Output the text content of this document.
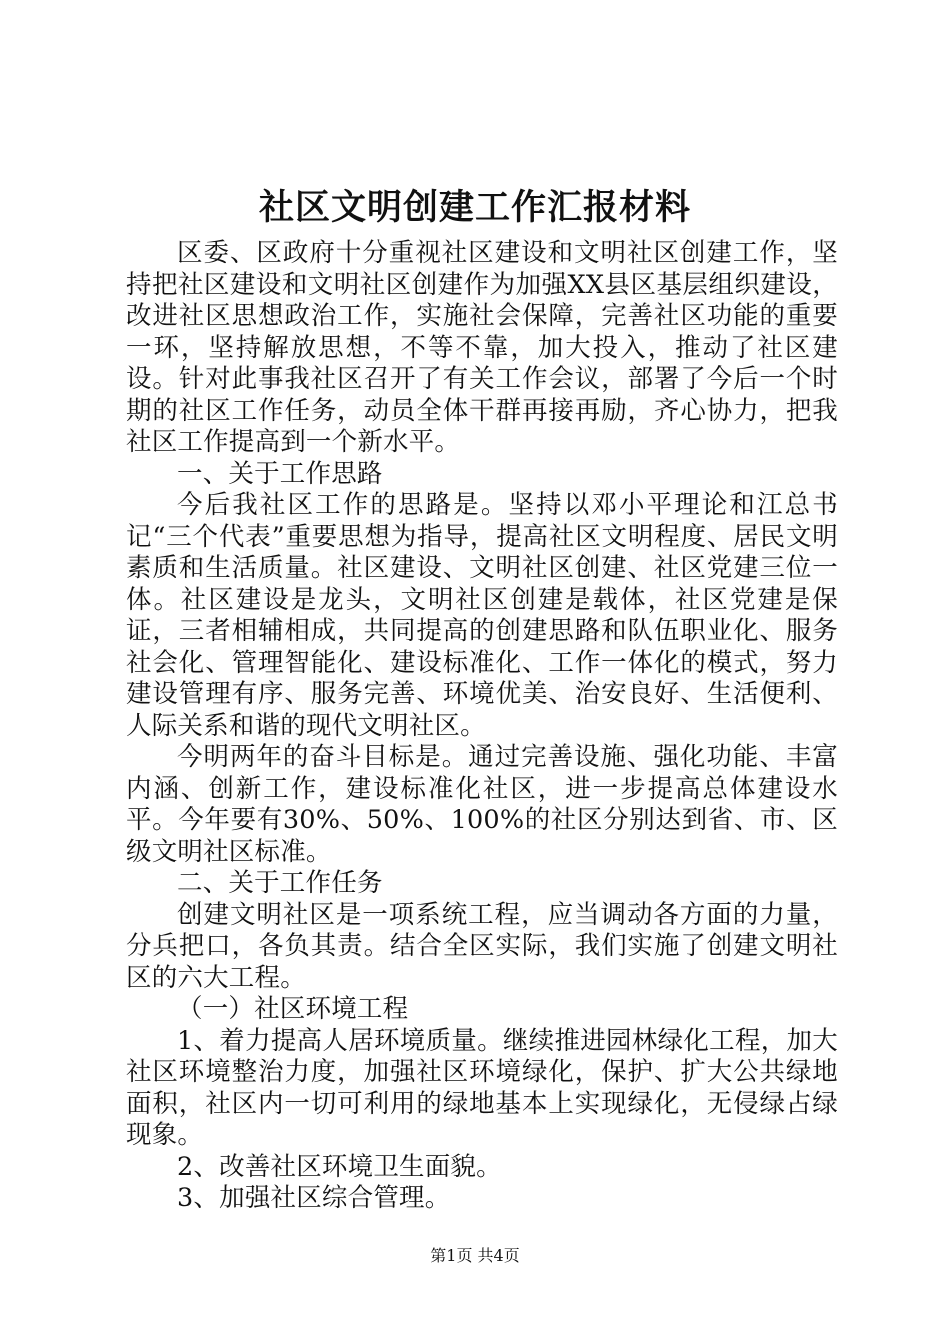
社区文明创建工作汇报材料

区委、区政府十分重视社区建设和文明社区创建工作，坚持把社区建设和文明社区创建作为加强XX县区基层组织建设，改进社区思想政治工作，实施社会保障，完善社区功能的重要一环，坚持解放思想，不等不靠，加大投入，推动了社区建设。针对此事我社区召开了有关工作会议，部署了今后一个时期的社区工作任务，动员全体干群再接再励，齐心协力，把我社区工作提高到一个新水平。

一、关于工作思路

今后我社区工作的思路是。坚持以邓小平理论和江总书记“三个代表”重要思想为指导，提高社区文明程度、居民文明素质和生活质量。社区建设、文明社区创建、社区党建三位一体。社区建设是龙头，文明社区创建是载体，社区党建是保证，三者相辅相成，共同提高的创建思路和队伍职业化、服务社会化、管理智能化、建设标准化、工作一体化的模式，努力建设管理有序、服务完善、环境优美、治安良好、生活便利、人际关系和谐的现代文明社区。

今明两年的奋斗目标是。通过完善设施、强化功能、丰富内涵、创新工作，建设标准化社区，进一步提高总体建设水平。今年要有30%、50%、100%的社区分别达到省、市、区级文明社区标准。

二、关于工作任务

创建文明社区是一项系统工程，应当调动各方面的力量，分兵把口，各负其责。结合全区实际，我们实施了创建文明社区的六大工程。

（一）社区环境工程

1、着力提高人居环境质量。继续推进园林绿化工程，加大社区环境整治力度，加强社区环境绿化，保护、扩大公共绿地面积，社区内一切可利用的绿地基本上实现绿化，无侵绿占绿现象。

2、改善社区环境卫生面貌。

3、加强社区综合管理。

第1页 共4页
